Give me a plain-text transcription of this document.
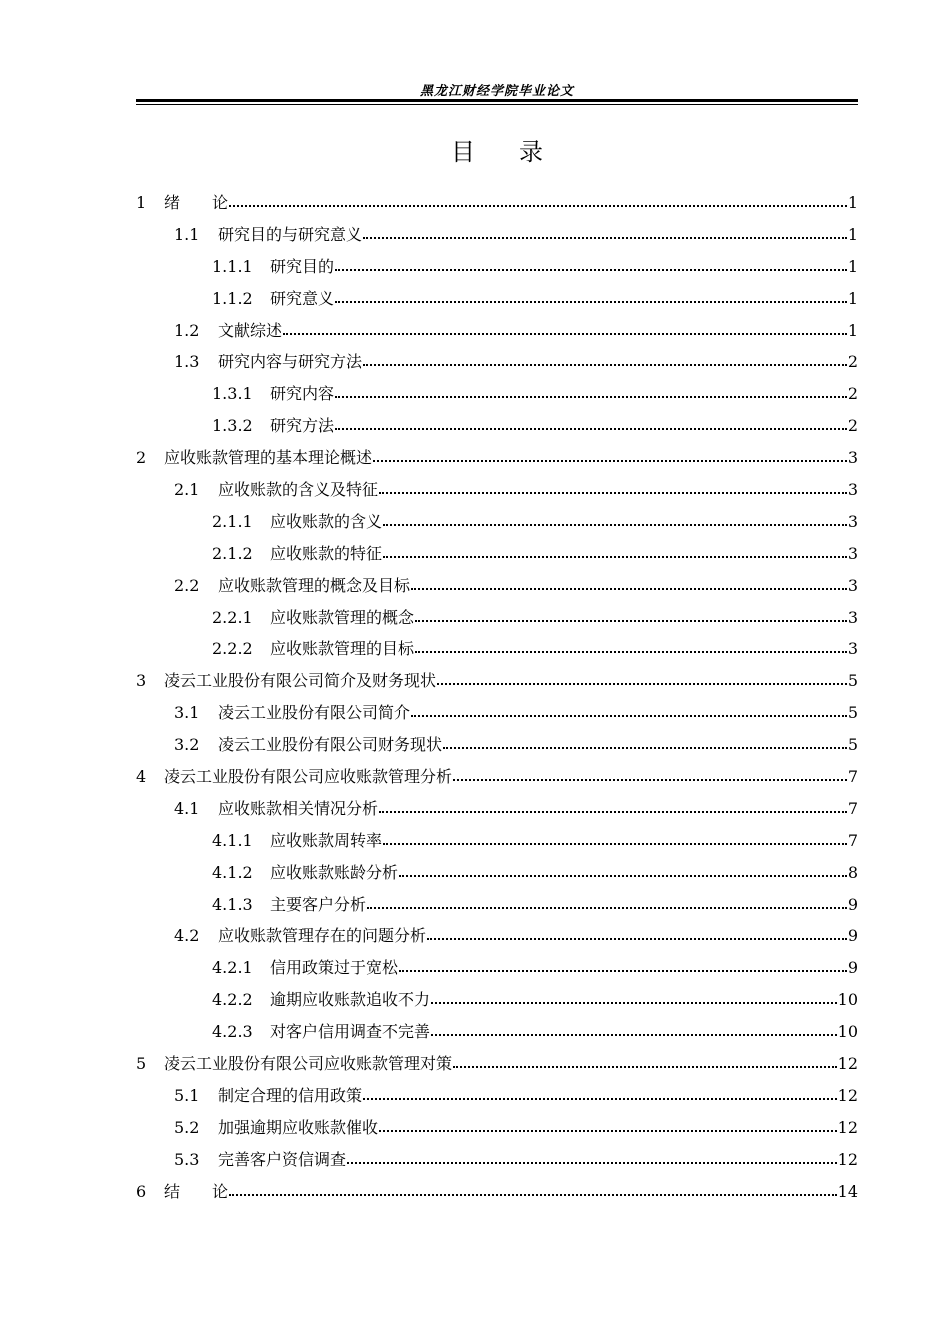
黑龙江财经学院毕业论文
目 录
1	绪　　论	1
1.1	研究目的与研究意义	1
1.1.1	研究目的	1
1.1.2	研究意义	1
1.2	文献综述	1
1.3	研究内容与研究方法	2
1.3.1	研究内容	2
1.3.2	研究方法	2
2	应收账款管理的基本理论概述	3
2.1	应收账款的含义及特征	3
2.1.1	应收账款的含义	3
2.1.2	应收账款的特征	3
2.2	应收账款管理的概念及目标	3
2.2.1	应收账款管理的概念	3
2.2.2	应收账款管理的目标	3
3	凌云工业股份有限公司简介及财务现状	5
3.1	凌云工业股份有限公司简介	5
3.2	凌云工业股份有限公司财务现状	5
4	凌云工业股份有限公司应收账款管理分析	7
4.1	应收账款相关情况分析	7
4.1.1	应收账款周转率	7
4.1.2	应收账款账龄分析	8
4.1.3	主要客户分析	9
4.2	应收账款管理存在的问题分析	9
4.2.1	信用政策过于宽松	9
4.2.2	逾期应收账款追收不力	10
4.2.3	对客户信用调查不完善	10
5	凌云工业股份有限公司应收账款管理对策	12
5.1	制定合理的信用政策	12
5.2	加强逾期应收账款催收	12
5.3	完善客户资信调查	12
6	结　　论	14
